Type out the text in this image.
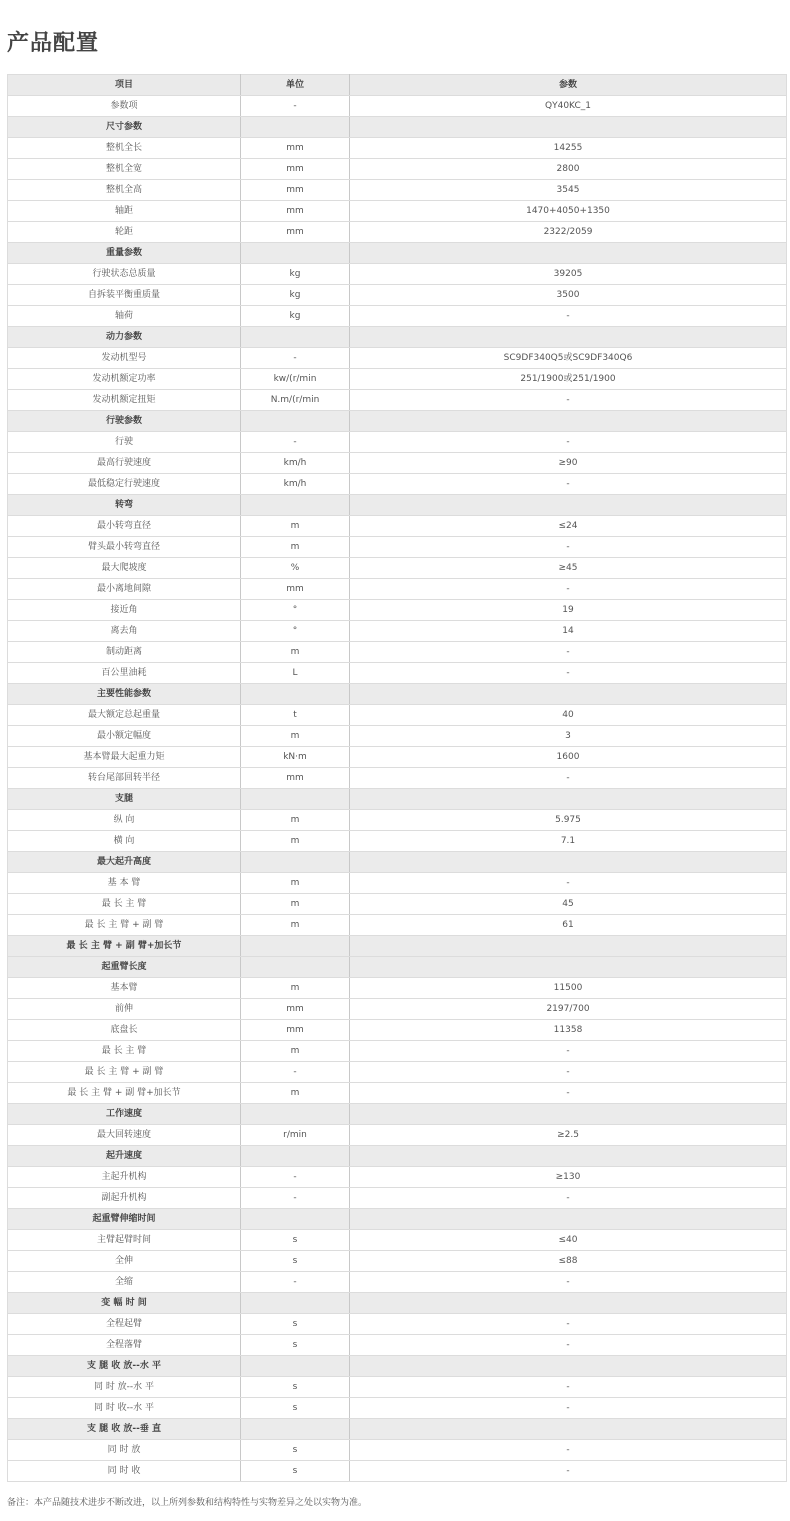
产品配置
项目	单位	参数
参数项	-	QY40KC_1
尺寸参数		
整机全长	mm	14255
整机全宽	mm	2800
整机全高	mm	3545
轴距	mm	1470+4050+1350
轮距	mm	2322/2059
重量参数		
行驶状态总质量	kg	39205
自拆装平衡重质量	kg	3500
轴荷	kg	-
动力参数		
发动机型号	-	SC9DF340Q5或SC9DF340Q6
发动机额定功率	kw/(r/min	251/1900或251/1900
发动机额定扭矩	N.m/(r/min	-
行驶参数		
行驶	-	-
最高行驶速度	km/h	≥90
最低稳定行驶速度	km/h	-
转弯		
最小转弯直径	m	≤24
臂头最小转弯直径	m	-
最大爬坡度	%	≥45
最小离地间隙	mm	-
接近角	°	19
离去角	°	14
制动距离	m	-
百公里油耗	L	-
主要性能参数		
最大额定总起重量	t	40
最小额定幅度	m	3
基本臂最大起重力矩	kN·m	1600
转台尾部回转半径	mm	-
支腿		
纵 向	m	5.975
横 向	m	7.1
最大起升高度		
基 本 臂	m	-
最 长 主 臂	m	45
最 长 主 臂 + 副 臂	m	61
最 长 主 臂 + 副 臂+加长节		
起重臂长度		
基本臂	m	11500
前伸	mm	2197/700
底盘长	mm	11358
最 长 主 臂	m	-
最 长 主 臂 + 副 臂	-	-
最 长 主 臂 + 副 臂+加长节	m	-
工作速度		
最大回转速度	r/min	≥2.5
起升速度		
主起升机构	-	≥130
副起升机构	-	-
起重臂伸缩时间		
主臂起臂时间	s	≤40
全伸	s	≤88
全缩	-	-
变 幅 时 间		
全程起臂	s	-
全程落臂	s	-
支 腿 收 放--水 平		
同 时 放--水 平	s	-
同 时 收--水 平	s	-
支 腿 收 放--垂 直		
同 时 放	s	-
同 时 收	s	-

备注：本产品随技术进步不断改进，以上所列参数和结构特性与实物差异之处以实物为准。
